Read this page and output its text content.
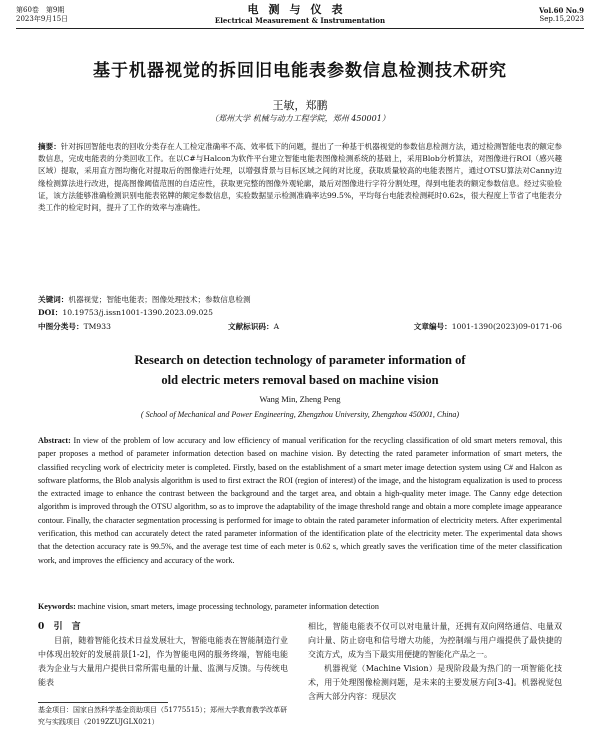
第60卷　第9期
2023年9月15日
电测与仪表
Electrical Measurement & Instrumentation
Vol.60 No.9
Sep.15,2023
基于机器视觉的拆回旧电能表参数信息检测技术研究
王敏，郑鹏
（郑州大学 机械与动力工程学院，郑州 450001）
摘要：针对拆回智能电表的回收分类存在人工检定准确率不高、效率低下的问题，提出了一种基于机器视觉的参数信息检测方法，通过检测智能电表的额定参数信息，完成电能表的分类回收工作。在以C#与Halcon为软件平台建立智能电能表图像检测系统的基础上，采用Blob分析算法，对图像进行ROI（感兴趣区域）提取，采用直方图均衡化对提取后的图像进行处理，以增强背景与目标区域之间的对比度，获取质量较高的电能表图片，通过OTSU算法对Canny边缘检测算法进行改进，提高图像阈值范围的自适应性，获取更完整的图像外观轮廓，最后对图像进行字符分割处理，得到电能表的额定参数信息。经过实验验证，该方法能够准确检测识别电能表铭牌的额定参数信息，实验数据显示检测准确率达99.5%，平均每台电能表检测耗时0.62s，很大程度上节省了电能表分类工作的检定时间，提升了工作的效率与准确性。
关键词：机器视觉；智能电能表；图像处理技术；参数信息检测
DOI：10.19753/j.issn1001-1390.2023.09.025
中图分类号：TM933	文献标识码：A	文章编号：1001-1390(2023)09-0171-06
Research on detection technology of parameter information of
old electric meters removal based on machine vision
Wang Min, Zheng Peng
( School of Mechanical and Power Engineering, Zhengzhou University, Zhengzhou 450001, China)
Abstract: In view of the problem of low accuracy and low efficiency of manual verification for the recycling classification of old smart meters removal, this paper proposes a method of parameter information detection based on machine vision. By detecting the rated parameter information of smart meters, the classified recycling work of electricity meter is completed. Firstly, based on the establishment of a smart meter image detection system using C# and Halcon as software platforms, the Blob analysis algorithm is used to first extract the ROI (region of interest) of the image, and the histogram equalization is used to process the extracted image to enhance the contrast between the background and the target area, and obtain a high-quality meter image. The Canny edge detection algorithm is improved through the OTSU algorithm, so as to improve the adaptability of the image threshold range and obtain a more complete image appearance contour. Finally, the character segmentation processing is performed for image to obtain the rated parameter information of electricity meters. After experimental verification, this method can accurately detect the rated parameter information of the identification plate of the electricity meter. The experimental data shows that the detection accuracy rate is 99.5%, and the average test time of each meter is 0.62 s, which greatly saves the verification time of the meter classification work, and improves the efficiency and accuracy of the work.
Keywords: machine vision, smart meters, image processing technology, parameter information detection
0 引　言
目前，随着智能化技术日益发展壮大，智能电能表在智能制造行业中体现出较好的发展前景[1-2]，作为智能电网的服务终端，智能电能表为企业与大量用户提供日常所需电量的计量、监测与反馈。与传统电能表
基金项目：国家自然科学基金资助项目（51775515）；郑州大学教育教学改革研究与实践项目（2019ZZUJGLX021）
相比，智能电能表不仅可以对电量计量，还拥有双向网络通信、电量双向计量、防止窃电和信号增大功能，为控制端与用户端提供了最快捷的交流方式，成为当下最实用便捷的智能化产品之一。
机器视觉（Machine Vision）是现阶段最为热门的一项智能化技术，用于处理图像检测问题，是未来的主要发展方向[3-4]。机器视觉包含两大部分内容：现层次
